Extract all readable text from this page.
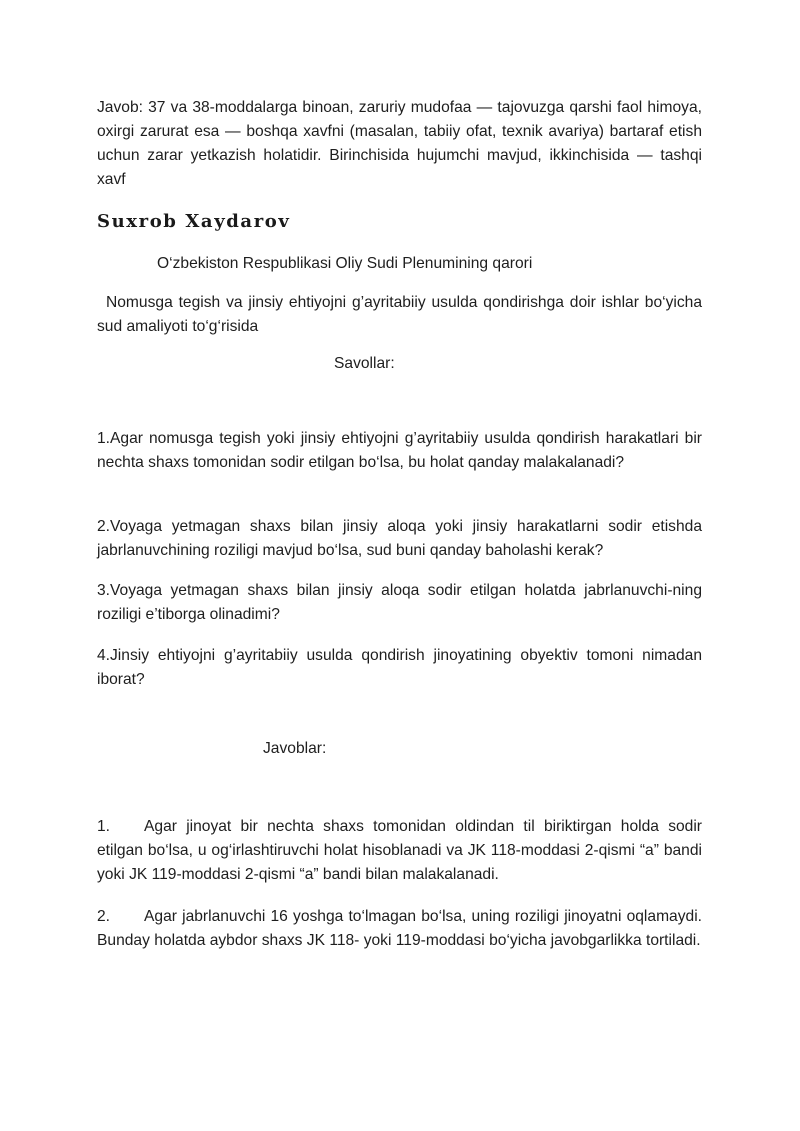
Javob: 37 va 38-moddalarga binoan, zaruriy mudofaa — tajovuzga qarshi faol himoya, oxirgi zarurat esa — boshqa xavfni (masalan, tabiiy ofat, texnik avariya) bartaraf etish uchun zarar yetkazish holatidir. Birinchisida hujumchi mavjud, ikkinchisida — tashqi xavf

Suxrob Xaydarov

O‘zbekiston Respublikasi Oliy Sudi Plenumining qarori

Nomusga tegish va jinsiy ehtiyojni g’ayritabiiy usulda qondirishga doir ishlar bo‘yicha sud amaliyoti to‘g‘risida

Savollar:

1.Agar nomusga tegish yoki jinsiy ehtiyojni g’ayritabiiy usulda qondirish harakatlari bir nechta shaxs tomonidan sodir etilgan bo‘lsa, bu holat qanday malakalanadi?

2.Voyaga yetmagan shaxs bilan jinsiy aloqa yoki jinsiy harakatlarni sodir etishda jabrlanuvchining roziligi mavjud bo‘lsa, sud buni qanday baholashi kerak?

3.Voyaga yetmagan shaxs bilan jinsiy aloqa sodir etilgan holatda jabrlanuvchi-ning roziligi e’tiborga olinadimi?

4.Jinsiy ehtiyojni g’ayritabiiy usulda qondirish jinoyatining obyektiv tomoni nimadan iborat?

Javoblar:

1. Agar jinoyat bir nechta shaxs tomonidan oldindan til biriktirgan holda sodir etilgan bo‘lsa, u og‘irlashtiruvchi holat hisoblanadi va JK 118-moddasi 2-qismi “a” bandi yoki JK 119-moddasi 2-qismi “a” bandi bilan malakalanadi.

2. Agar jabrlanuvchi 16 yoshga to‘lmagan bo‘lsa, uning roziligi jinoyatni oqlamaydi. Bunday holatda aybdor shaxs JK 118- yoki 119-moddasi bo‘yicha javobgarlikka tortiladi.
